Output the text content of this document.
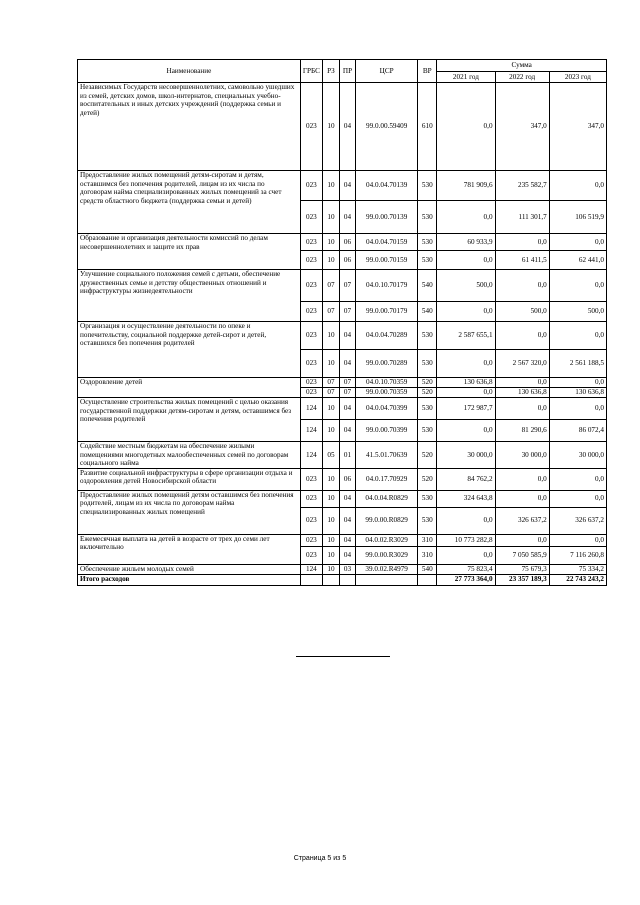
Наименование	ГРБС	РЗ	ПР	ЦСР	ВР	Сумма		
						2021 год	2022 год	2023 год
Независимых Государств несовершеннолетних, самовольно ушедших из семей, детских домов, школ-интернатов, специальных учебно-воспитательных и иных детских учреждений (поддержка семьи и детей)	023	10	04	99.0.00.59409	610	0,0	347,0	347,0
Предоставление жилых помещений детям-сиротам и детям, оставшимся без попечения родителей, лицам из их числа по договорам найма специализированных жилых помещений за счет средств областного бюджета (поддержка семьи и детей)	023	10	04	04.0.04.70139	530	781 909,6	235 582,7	0,0
	023	10	04	99.0.00.70139	530	0,0	111 301,7	106 519,9
Образование и организация деятельности комиссий по делам несовершеннолетних и защите их прав	023	10	06	04.0.04.70159	530	60 933,9	0,0	0,0
	023	10	06	99.0.00.70159	530	0,0	61 411,5	62 441,0
Улучшение социального положения семей с детьми, обеспечение дружественных семье и детству общественных отношений и инфраструктуры жизнедеятельности	023	07	07	04.0.10.70179	540	500,0	0,0	0,0
	023	07	07	99.0.00.70179	540	0,0	500,0	500,0
Организация и осуществление деятельности по опеке и попечительству, социальной поддержке детей-сирот и детей, оставшихся без попечения родителей	023	10	04	04.0.04.70289	530	2 587 655,1	0,0	0,0
	023	10	04	99.0.00.70289	530	0,0	2 567 320,0	2 561 188,5
Оздоровление детей	023	07	07	04.0.10.70359	520	130 636,8	0,0	0,0
	023	07	07	99.0.00.70359	520	0,0	130 636,8	130 636,8
Осуществление строительства жилых помещений с целью оказания государственной поддержки детям-сиротам и детям, оставшимся без попечения родителей	124	10	04	04.0.04.70399	530	172 987,7	0,0	0,0
	124	10	04	99.0.00.70399	530	0,0	81 290,6	86 072,4
Содействие местным бюджетам на обеспечение жилыми помещениями многодетных малообеспеченных семей по договорам социального найма	124	05	01	41.5.01.70639	520	30 000,0	30 000,0	30 000,0
Развитие социальной инфраструктуры в сфере организации отдыха и оздоровления детей Новосибирской области	023	10	06	04.0.17.70929	520	84 762,2	0,0	0,0
Предоставление жилых помещений детям оставшимся без попечения родителей, лицам из их числа по договорам найма специализированных жилых помещений	023	10	04	04.0.04.R0829	530	324 643,8	0,0	0,0
	023	10	04	99.0.00.R0829	530	0,0	326 637,2	326 637,2
Ежемесячная выплата на детей в возрасте от трех до семи лет включительно	023	10	04	04.0.02.R3029	310	10 773 282,8	0,0	0,0
	023	10	04	99.0.00.R3029	310	0,0	7 050 585,9	7 116 260,8
Обеспечение жильем молодых семей	124	10	03	39.0.02.R4979	540	75 823,4	75 679,3	75 334,2
Итого расходов						27 773 364,0	23 357 189,3	22 743 243,2
Страница 5 из 5
